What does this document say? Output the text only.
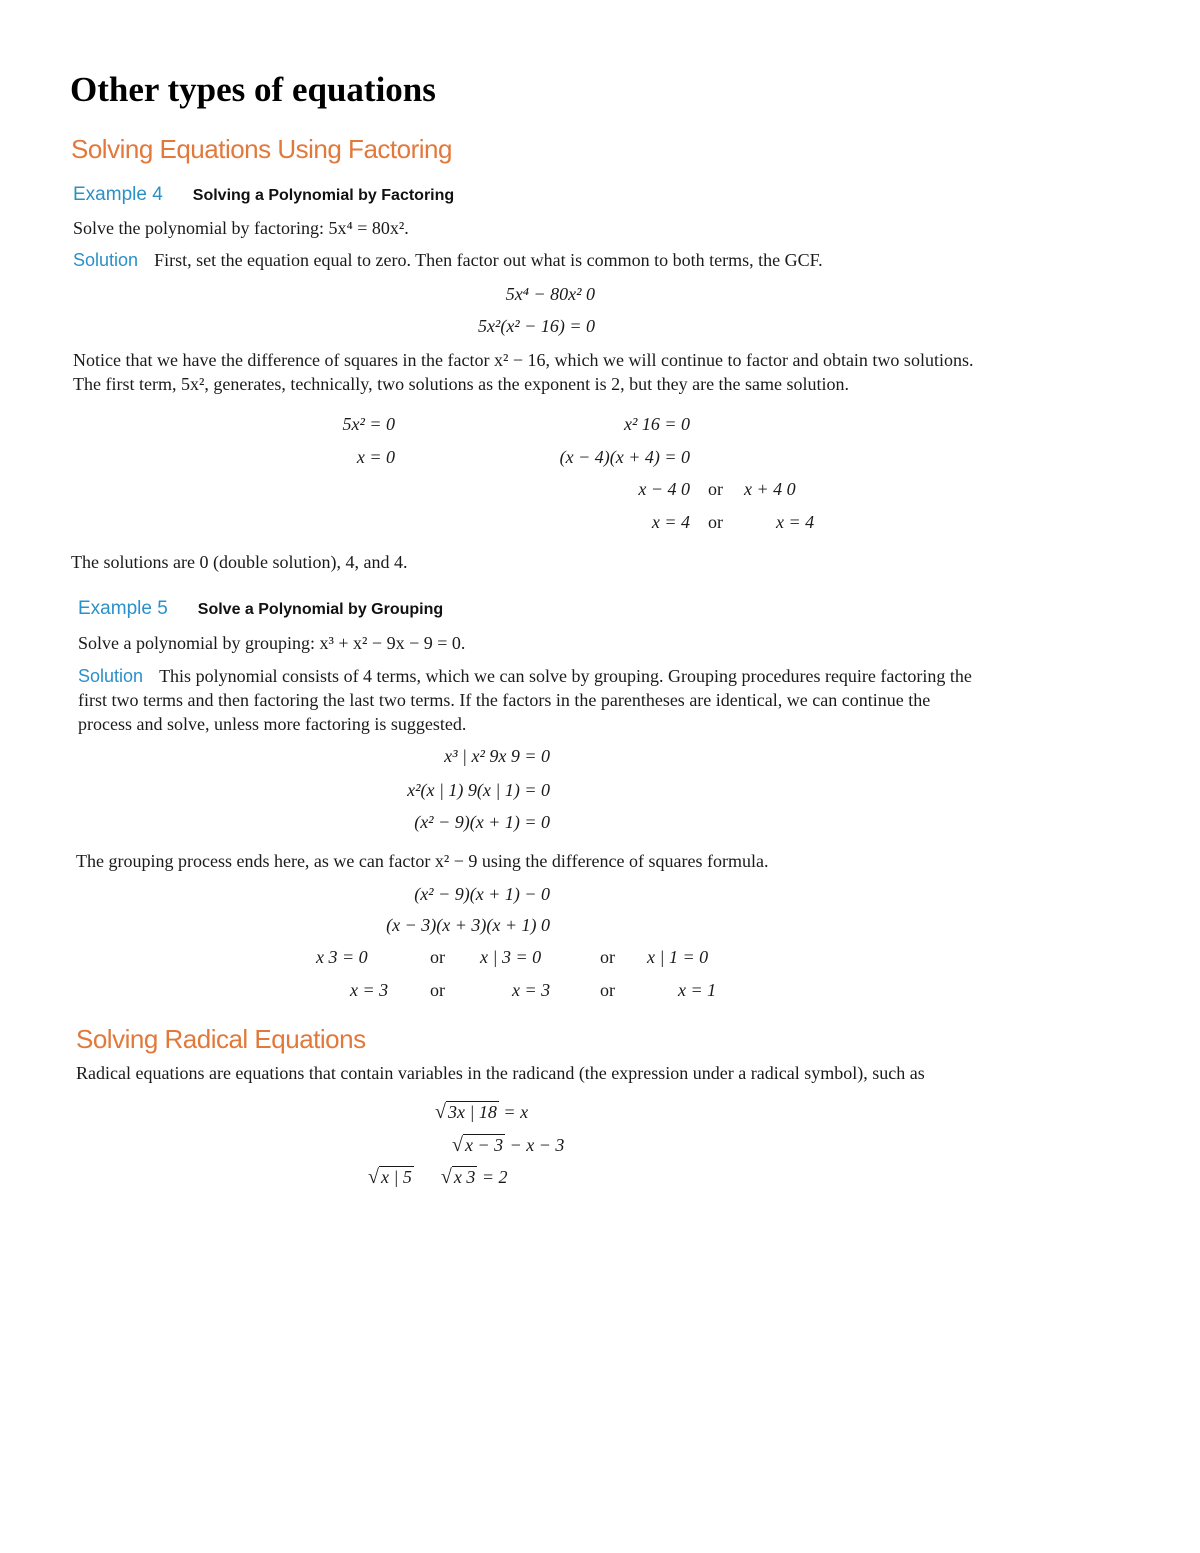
Other types of equations
Solving Equations Using Factoring
Example 4 Solving a Polynomial by Factoring
Solve the polynomial by factoring: 5x⁴ = 80x².
Solution First, set the equation equal to zero. Then factor out what is common to both terms, the GCF.
5x⁴ − 80x² 0
5x²(x² − 16) = 0
Notice that we have the difference of squares in the factor x² − 16, which we will continue to factor and obtain two solutions. The first term, 5x², generates, technically, two solutions as the exponent is 2, but they are the same solution.
5x² = 0
x = 0
x² 16 = 0
(x − 4)(x + 4) = 0
x − 4 0 or x + 4 0
x = 4 or	x = 4
The solutions are 0 (double solution), 4, and 4.
Example 5 Solve a Polynomial by Grouping
Solve a polynomial by grouping: x³ + x² − 9x − 9 = 0.
Solution This polynomial consists of 4 terms, which we can solve by grouping. Grouping procedures require factoring the first two terms and then factoring the last two terms. If the factors in the parentheses are identical, we can continue the process and solve, unless more factoring is suggested.
x³ | x² 9x 9 = 0
x²(x | 1) 9(x | 1) = 0
(x² − 9)(x + 1) = 0
The grouping process ends here, as we can factor x² − 9 using the difference of squares formula.
(x² − 9)(x + 1) − 0
(x − 3)(x + 3)(x + 1) 0
x 3 = 0	or x | 3 = 0	or x | 1 = 0
x = 3 or	x = 3	or	x = 1
Solving Radical Equations
Radical equations are equations that contain variables in the radicand (the expression under a radical symbol), such as
√ 3x | 18 = x
√ x − 3 − x − 3
√ x | 5 √ x 3 = 2
